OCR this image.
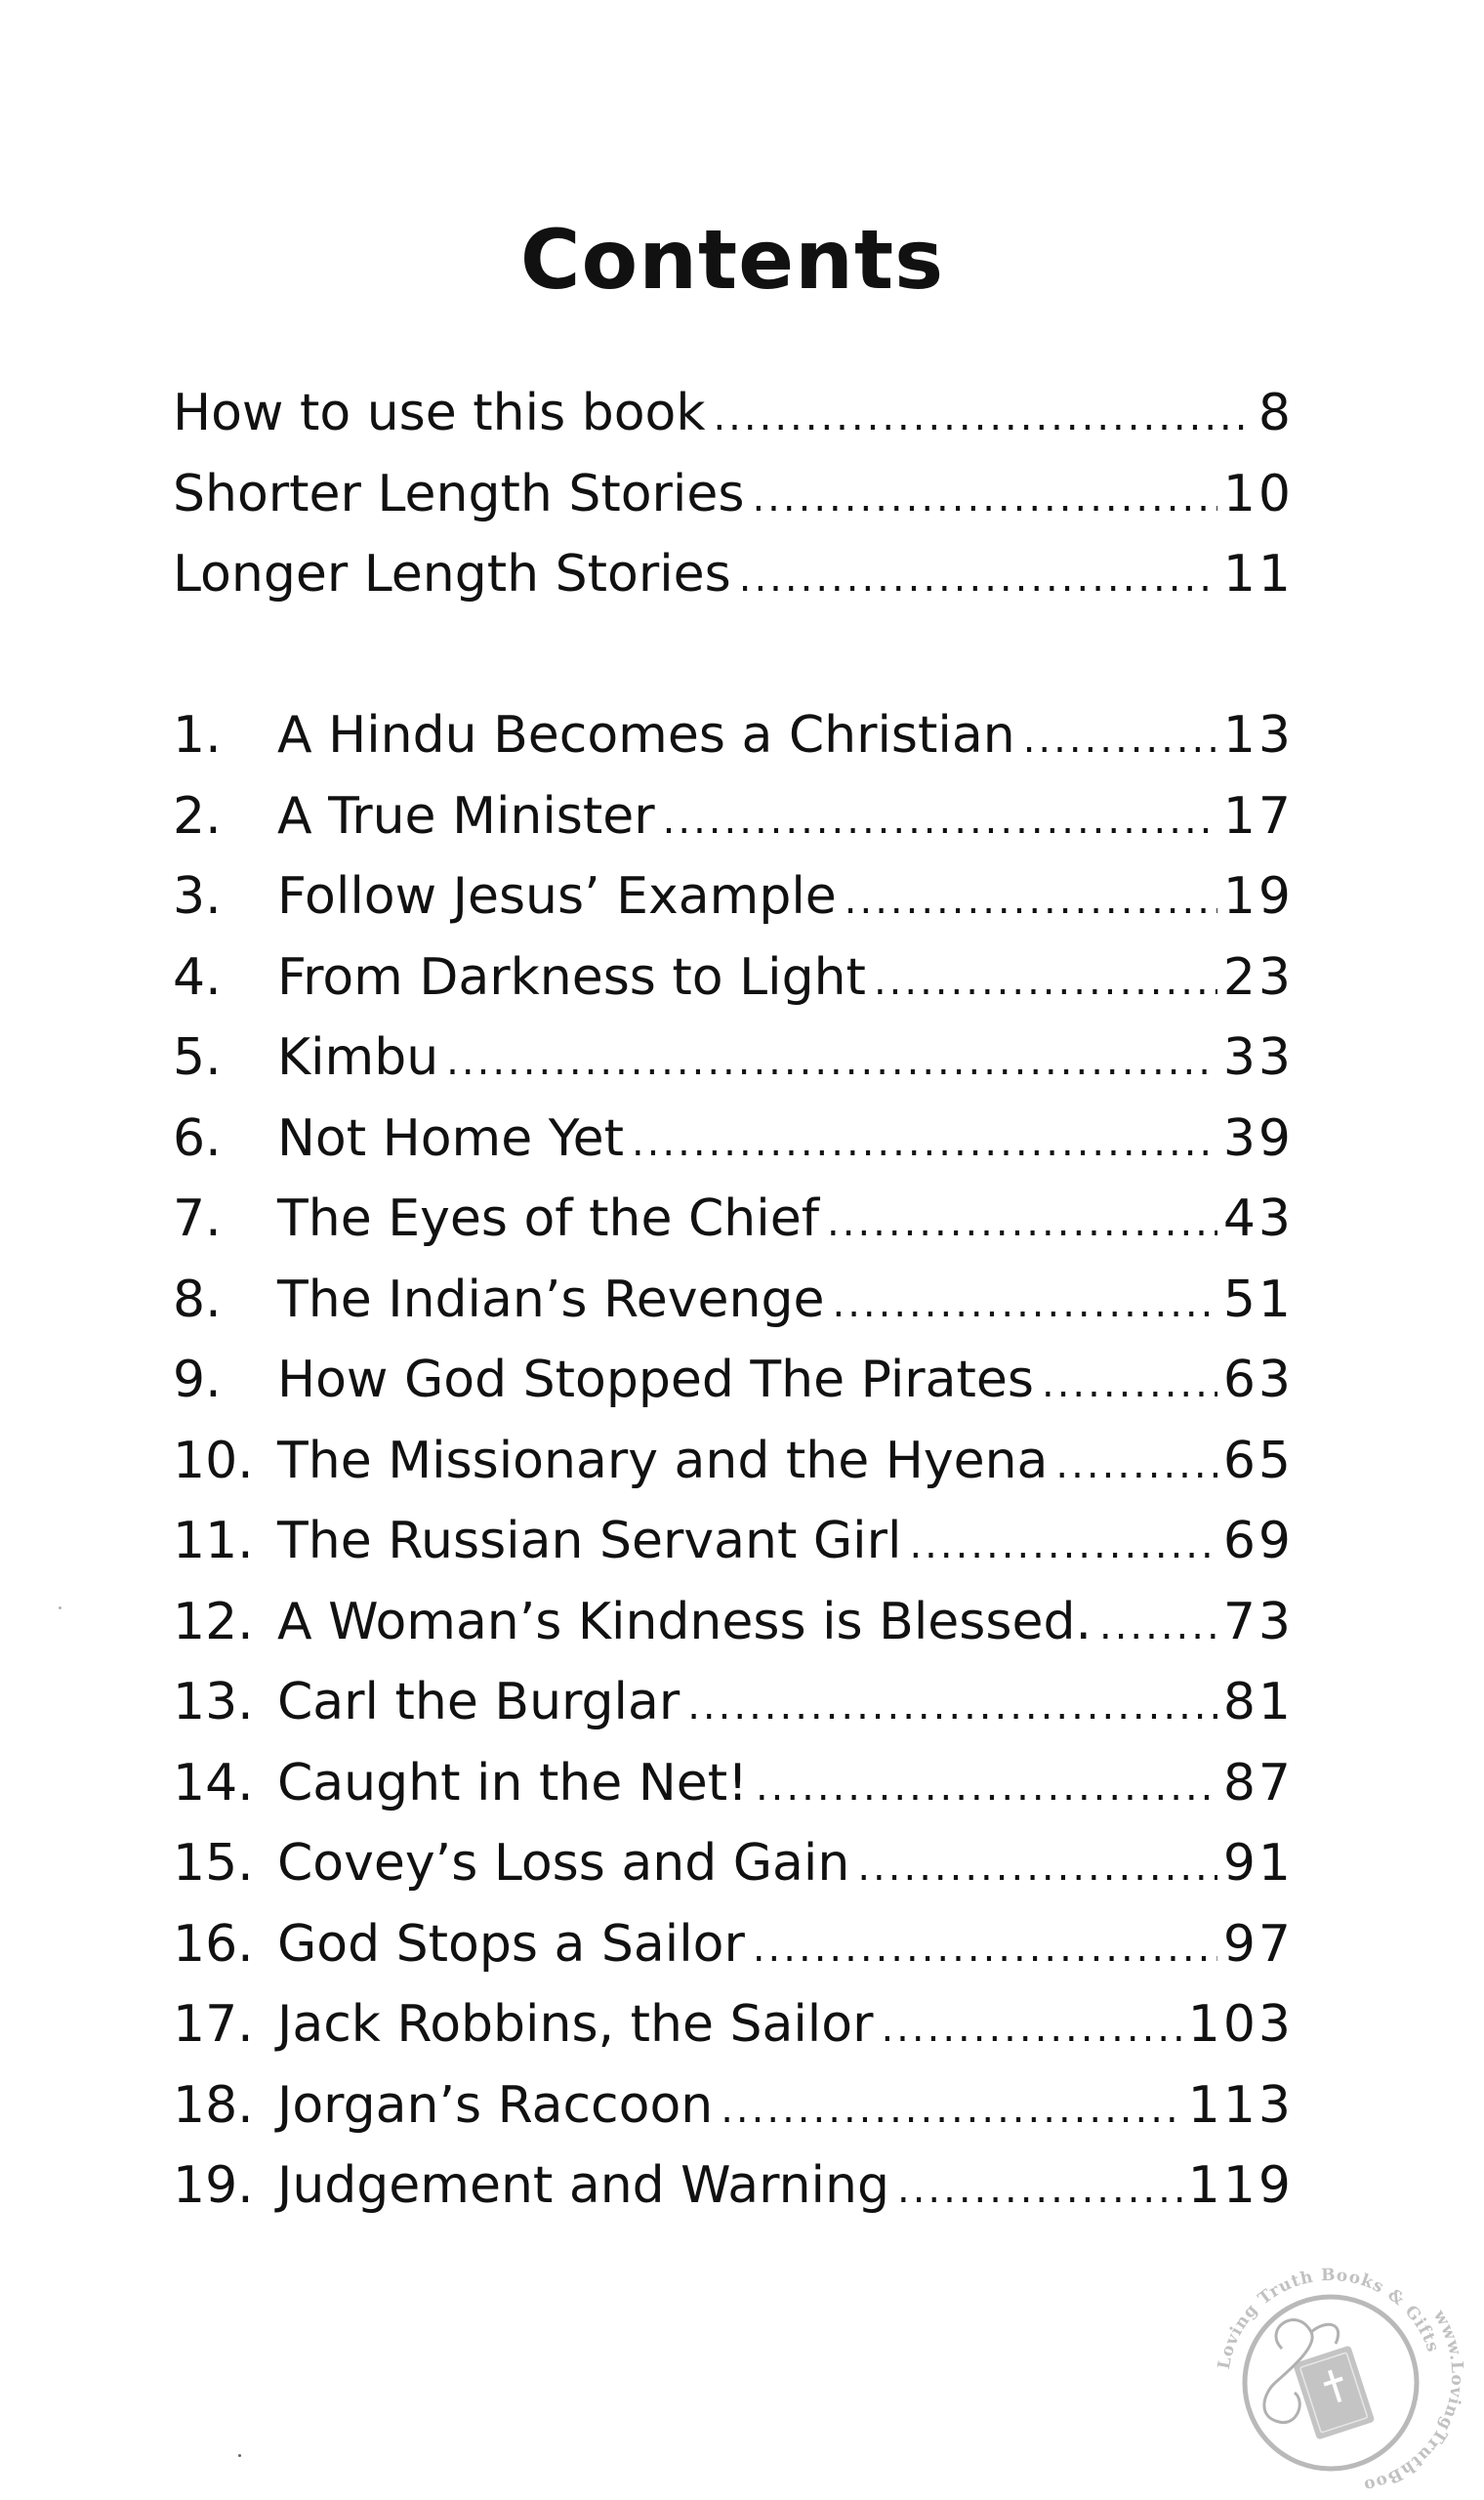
Contents
How to use this book .....	8
Shorter Length Stories .....	10
Longer Length Stories .....	11
1.	A Hindu Becomes a Christian .....	13
2.	A True Minister .....	17
3.	Follow Jesus’ Example .....	19
4.	From Darkness to Light .....	23
5.	Kimbu .....	33
6.	Not Home Yet .....	39
7.	The Eyes of the Chief .....	43
8.	The Indian’s Revenge .....	51
9.	How God Stopped The Pirates .....	63
10. The Missionary and the Hyena .....	65
11. The Russian Servant Girl .....	69
12. A Woman’s Kindness is Blessed. .....	73
13. Carl the Burglar .....	81
14. Caught in the Net! .....	87
15. Covey’s Loss and Gain .....	91
16. God Stops a Sailor .....	97
17. Jack Robbins, the Sailor .....	103
18. Jorgan’s Raccoon .....	113
19. Judgement and Warning .....	119
Loving Truth Books & Gifts
www.LovingTruthBoo
